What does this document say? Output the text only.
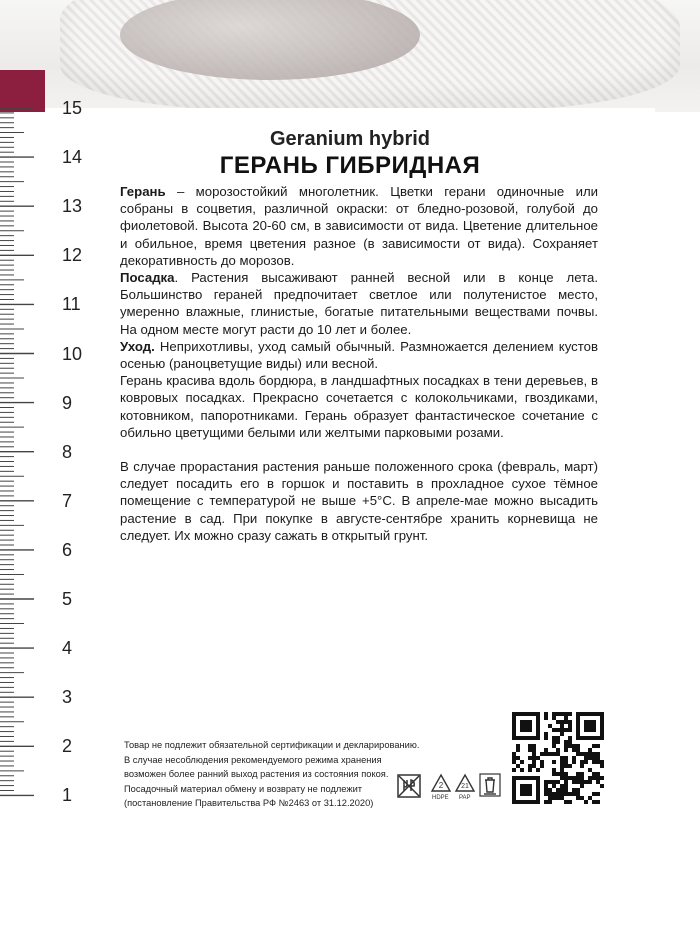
15
14
13
12
11
10
9
8
7
6
5
4
3
2
1
Geranium hybrid
ГЕРАНЬ ГИБРИДНАЯ

Герань – морозостойкий многолетник. Цветки герани одиночные или собраны в соцветия, различной окраски: от бледно-розовой, голубой до фиолетовой. Высота 20-60 см, в зависимости от вида. Цветение длительное и обильное, время цветения разное (в зависимости от вида). Сохраняет декоративность до морозов.

Посадка. Растения высаживают ранней весной или в конце лета. Большинство гераней предпочитает светлое или полутенистое место, умеренно влажные, глинистые, богатые питательными веществами почвы. На одном месте могут расти до 10 лет и более.

Уход. Неприхотливы, уход самый обычный. Размножается делением кустов осенью (раноцветущие виды) или весной.

Герань красива вдоль бордюра, в ландшафтных посадках в тени деревьев, в ковровых посадках. Прекрасно сочетается с колокольчиками, гвоздиками, котовником, папоротниками. Герань образует фантастическое сочетание с обильно цветущими белыми или желтыми парковыми розами.

В случае прорастания растения раньше положенного срока (февраль, март) следует посадить его в горшок и поставить в прохладное сухое тёмное помещение с температурой не выше +5°С. В апреле-мае можно высадить растение в сад. При покупке в августе-сентябре хранить корневища не следует. Их можно сразу сажать в открытый грунт.

Товар не подлежит обязательной сертификации и декларированию.
В случае несоблюдения рекомендуемого режима хранения
возможен более ранний выход растения из состояния покоя.
Посадочный материал обмену и возврату не подлежит
(постановление Правительства РФ №2463 от 31.12.2020)
2
HDPE
21
PAP
